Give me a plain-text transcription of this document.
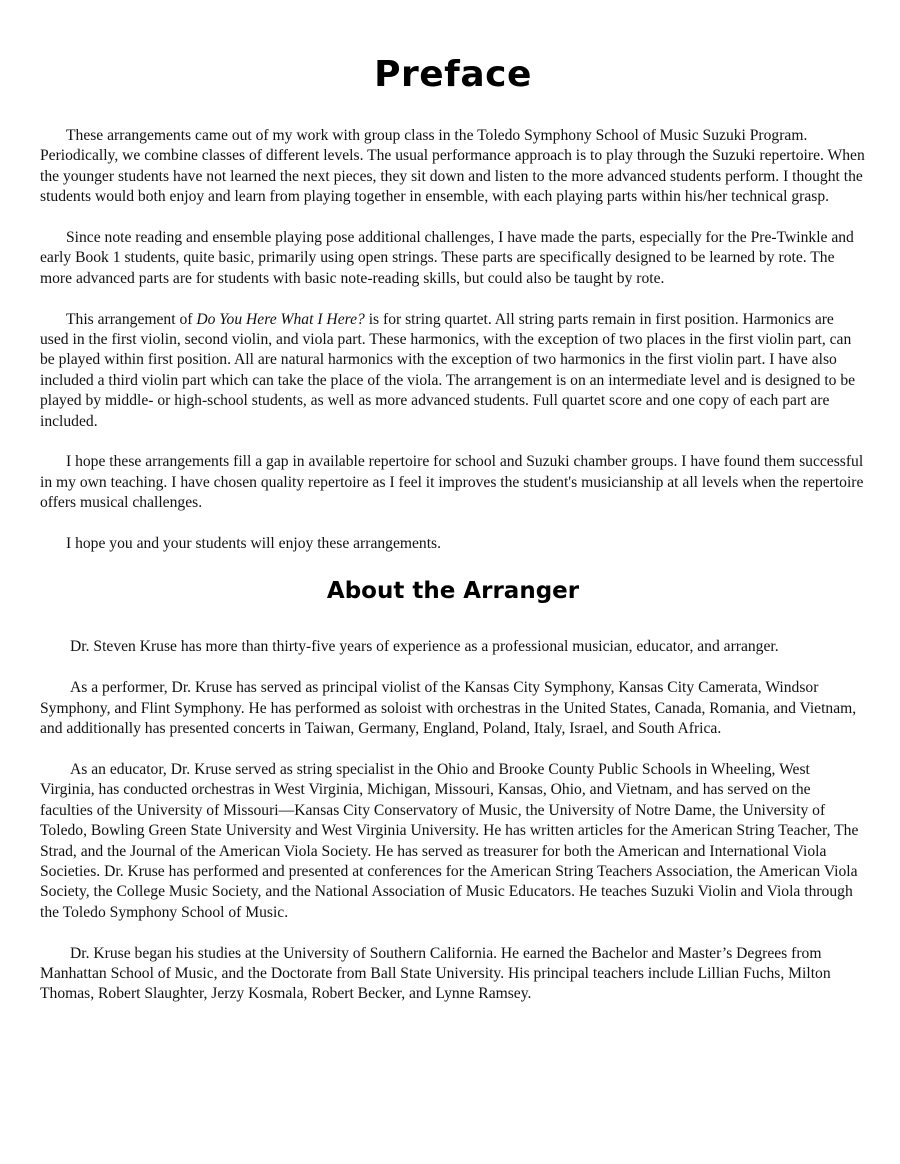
Preface

These arrangements came out of my work with group class in the Toledo Symphony School of Music Suzuki Program. Periodically, we combine classes of different levels. The usual performance approach is to play through the Suzuki repertoire. When the younger students have not learned the next pieces, they sit down and listen to the more advanced students perform. I thought the students would both enjoy and learn from playing together in ensemble, with each playing parts within his/her technical grasp.

Since note reading and ensemble playing pose additional challenges, I have made the parts, especially for the Pre-Twinkle and early Book 1 students, quite basic, primarily using open strings. These parts are specifically designed to be learned by rote. The more advanced parts are for students with basic note-reading skills, but could also be taught by rote.

This arrangement of Do You Here What I Here? is for string quartet. All string parts remain in first position. Harmonics are used in the first violin, second violin, and viola part. These harmonics, with the exception of two places in the first violin part, can be played within first position. All are natural harmonics with the exception of two harmonics in the first violin part. I have also included a third violin part which can take the place of the viola. The arrangement is on an intermediate level and is designed to be played by middle- or high-school students, as well as more advanced students. Full quartet score and one copy of each part are included.

I hope these arrangements fill a gap in available repertoire for school and Suzuki chamber groups. I have found them successful in my own teaching. I have chosen quality repertoire as I feel it improves the student's musicianship at all levels when the repertoire offers musical challenges.

I hope you and your students will enjoy these arrangements.

About the Arranger

Dr. Steven Kruse has more than thirty-five years of experience as a professional musician, educator, and arranger.

As a performer, Dr. Kruse has served as principal violist of the Kansas City Symphony, Kansas City Camerata, Windsor Symphony, and Flint Symphony. He has performed as soloist with orchestras in the United States, Canada, Romania, and Vietnam, and additionally has presented concerts in Taiwan, Germany, England, Poland, Italy, Israel, and South Africa.

As an educator, Dr. Kruse served as string specialist in the Ohio and Brooke County Public Schools in Wheeling, West Virginia, has conducted orchestras in West Virginia, Michigan, Missouri, Kansas, Ohio, and Vietnam, and has served on the faculties of the University of Missouri—Kansas City Conservatory of Music, the University of Notre Dame, the University of Toledo, Bowling Green State University and West Virginia University. He has written articles for the American String Teacher, The Strad, and the Journal of the American Viola Society. He has served as treasurer for both the American and International Viola Societies. Dr. Kruse has performed and presented at conferences for the American String Teachers Association, the American Viola Society, the College Music Society, and the National Association of Music Educators. He teaches Suzuki Violin and Viola through the Toledo Symphony School of Music.

Dr. Kruse began his studies at the University of Southern California. He earned the Bachelor and Master’s Degrees from Manhattan School of Music, and the Doctorate from Ball State University. His principal teachers include Lillian Fuchs, Milton Thomas, Robert Slaughter, Jerzy Kosmala, Robert Becker, and Lynne Ramsey.
